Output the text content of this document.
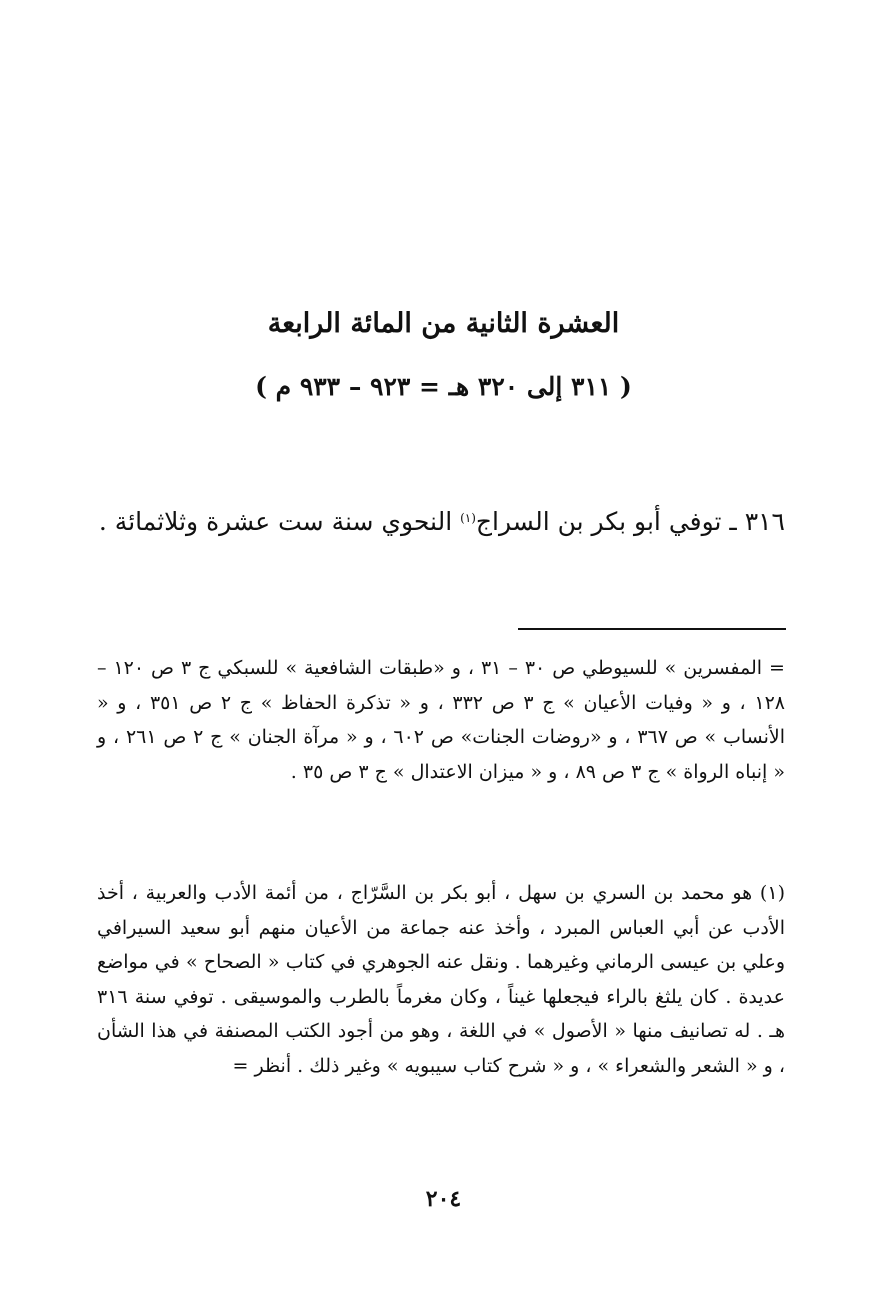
العشرة الثانية من المائة الرابعة
( ٣١١ إلى ٣٢٠ هـ = ٩٢٣ – ٩٣٣ م )
٣١٦ ـ توفي أبو بكر بن السراج$^{(١)}$ النحوي سنة ست عشرة وثلاثمائة .

= المفسرين » للسيوطي ص ٣٠ – ٣١ ، و «طبقات الشافعية » للسبكي ج ٣ ص ١٢٠ – ١٢٨ ، و « وفيات الأعيان » ج ٣ ص ٣٣٢ ، و « تذكرة الحفاظ » ج ٢ ص ٣٥١ ، و « الأنساب » ص ٣٦٧ ، و «روضات الجنات» ص ٦٠٢ ، و « مرآة الجنان » ج ٢ ص ٢٦١ ، و « إنباه الرواة » ج ٣ ص ٨٩ ، و « ميزان الاعتدال » ج ٣ ص ٣٥ .

(١) هو محمد بن السري بن سهل ، أبو بكر بن السَّرّاج ، من أئمة الأدب والعربية ، أخذ الأدب عن أبي العباس المبرد ، وأخذ عنه جماعة من الأعيان منهم أبو سعيد السيرافي وعلي بن عيسى الرماني وغيرهما . ونقل عنه الجوهري في كتاب « الصحاح » في مواضع عديدة . كان يلثغ بالراء فيجعلها غيناً ، وكان مغرماً بالطرب والموسيقى . توفي سنة ٣١٦ هـ . له تصانيف منها « الأصول » في اللغة ، وهو من أجود الكتب المصنفة في هذا الشأن ، و « الشعر والشعراء » ، و « شرح كتاب سيبويه » وغير ذلك . أنظر =

٢٠٤
